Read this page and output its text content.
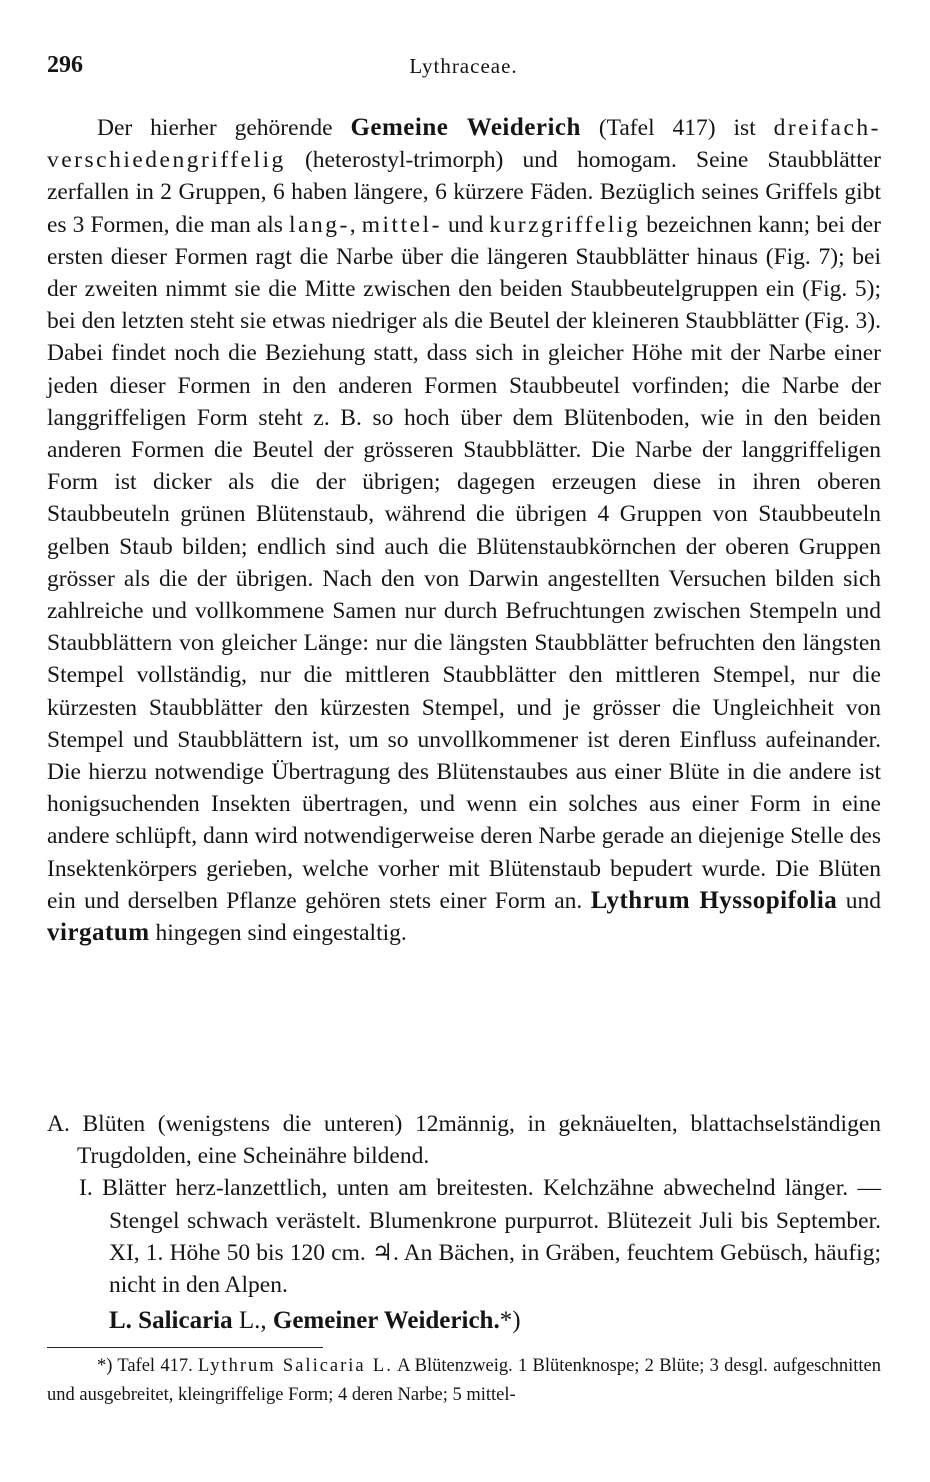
296	Lythraceae.

Der hierher gehörende Gemeine Weiderich (Tafel 417) ist dreifach-verschiedengriffelig (heterostyl-trimorph) und homogam. Seine Staubblätter zerfallen in 2 Gruppen, 6 haben längere, 6 kürzere Fäden. Bezüglich seines Griffels gibt es 3 Formen, die man als lang-, mittel- und kurzgriffelig bezeichnen kann; bei der ersten dieser Formen ragt die Narbe über die längeren Staubblätter hinaus (Fig. 7); bei der zweiten nimmt sie die Mitte zwischen den beiden Staubbeutelgruppen ein (Fig. 5); bei den letzten steht sie etwas niedriger als die Beutel der kleineren Staubblätter (Fig. 3). Dabei findet noch die Beziehung statt, dass sich in gleicher Höhe mit der Narbe einer jeden dieser Formen in den anderen Formen Staubbeutel vorfinden; die Narbe der langgriffeligen Form steht z. B. so hoch über dem Blütenboden, wie in den beiden anderen Formen die Beutel der grösseren Staubblätter. Die Narbe der langgriffeligen Form ist dicker als die der übrigen; dagegen erzeugen diese in ihren oberen Staubbeuteln grünen Blütenstaub, während die übrigen 4 Gruppen von Staubbeuteln gelben Staub bilden; endlich sind auch die Blütenstaubkörnchen der oberen Gruppen grösser als die der übrigen. Nach den von Darwin angestellten Versuchen bilden sich zahlreiche und vollkommene Samen nur durch Befruchtungen zwischen Stempeln und Staubblättern von gleicher Länge: nur die längsten Staubblätter befruchten den längsten Stempel vollständig, nur die mittleren Staubblätter den mittleren Stempel, nur die kürzesten Staubblätter den kürzesten Stempel, und je grösser die Ungleichheit von Stempel und Staubblättern ist, um so unvollkommener ist deren Einfluss aufeinander. Die hierzu notwendige Übertragung des Blütenstaubes aus einer Blüte in die andere ist honigsuchenden Insekten übertragen, und wenn ein solches aus einer Form in eine andere schlüpft, dann wird notwendigerweise deren Narbe gerade an diejenige Stelle des Insektenkörpers gerieben, welche vorher mit Blütenstaub bepudert wurde. Die Blüten ein und derselben Pflanze gehören stets einer Form an. Lythrum Hyssopifolia und virgatum hingegen sind eingestaltig.

A. Blüten (wenigstens die unteren) 12männig, in geknäuelten, blattachselständigen Trugdolden, eine Scheinähre bildend.

I. Blätter herz-lanzettlich, unten am breitesten. Kelchzähne abwechelnd länger. — Stengel schwach verästelt. Blumenkrone purpurrot. Blütezeit Juli bis September. XI, 1. Höhe 50 bis 120 cm. ♃. An Bächen, in Gräben, feuchtem Gebüsch, häufig; nicht in den Alpen.

L. Salicaria L., Gemeiner Weiderich.*)

*) Tafel 417. Lythrum Salicaria L. A Blütenzweig. 1 Blütenknospe; 2 Blüte; 3 desgl. aufgeschnitten und ausgebreitet, kleingriffelige Form; 4 deren Narbe; 5 mittel-
